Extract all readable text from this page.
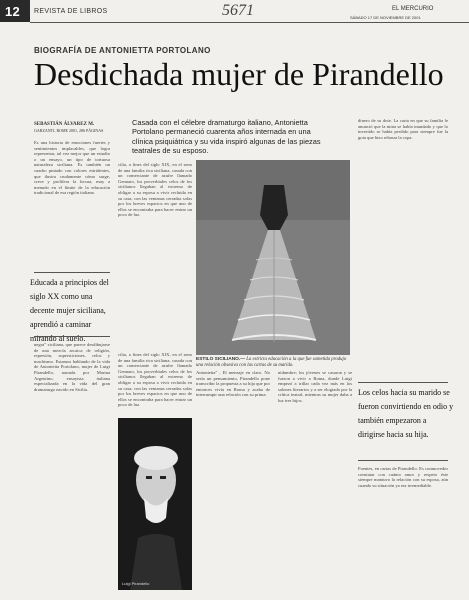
12 REVISTA DE LIBROS	5671	EL MERCURIO
SÁBADO 17 DE NOVIEMBRE DE 2001
BIOGRAFÍA DE ANTONIETTA PORTOLANO
Desdichada mujer de Pirandello
SEBASTIÁN ÁLVAREZ M.
GARZANTI, ROME 2001, 286 PÁGINAS

Casada con el célebre dramaturgo italiano, Antonietta Portolano permaneció cuarenta años internada en una clínica psiquiátrica y su vida inspiró algunas de las piezas teatrales de su esposo.

Es una historia de emociones fuertes y sentimientos implacables, que logra representar, tal vez mejor que un estudio o un ensayo, un tipo de tortuosa naturaleza siciliana. Es también un cuadro pintado con colores estridentes, que ilustra crudamente cómo surge, crece y prolifera la locura, muy a menudo en el límite de la educación tradicional de esa región italiana.

Educada a principios del siglo XX como una decente mujer siciliana, aprendió a caminar mirando al suelo.

negra” siciliana, que parece desdibujarse de una mezcla arcaica de religión, represión, supersticiones, celos y machismo. Estamos hablando de la vida de Antonietta Portolano, mujer de Luigi Pirandello, narrada por Marina Argentino, ensayista italiana especializada en la vida del gran dramaturgo nacido en Sicilia.

cilia, a fines del siglo XIX, en el seno de una familia rica siciliana, casada con un comerciante de azufre llamado Gennaro, los proverbiales celos de los sicilianos llegaban al extremo de obligar a su esposa a vivir recluida en su casa, con las ventanas cerradas solas por los breves espacios en que uno de ellos se encontraba para hacer entrar un poco de luz.

ESTILO SICILIANO.— La estricta educación a la que fue sometida produjo una relación obsesiva con las cartas de su marido.

cilia, a fines del siglo XIX, en el seno de una familia rica siciliana, casada con un comerciante de azufre llamado Gennaro, los proverbiales celos de los sicilianos llegaban al extremo de obligar a su esposa a vivir recluida en su casa, con las ventanas cerradas solas por los breves espacios en que uno de ellos se encontraba para hacer entrar un poco de luz.

Luigi Pirandello

Antonietta” , El mensaje en claro. No sería un pensamiento, Pirandello pone transcribir la propuesta a su hija que por entonces vivía en Roma y acaba de interrumpir una relación con su prima.

nidumbre; los jóvenes se casaron y se fueron a vivir a Roma, donde Luigi empezó a trillar cada vez más en los salones literarios y a ser elogiado por la crítica teatral, mientras su mujer daba a luz tres hijos.

dinero de su dote. La carta en que su familia le anunció que la mina se había inundado y que lo invertido se había perdido para siempre fue la gota que hizo rebasar la copa.

Los celos hacia su marido se fueron convirtiendo en odio y también empezaron a dirigirse hacia su hija.

Fuentes, en cartas de Pirandello. Es conmovedor constatar con cuánto amor y respeto éste siempre mantuvo la relación con su esposa, aún cuando su situación ya era irremediable.
